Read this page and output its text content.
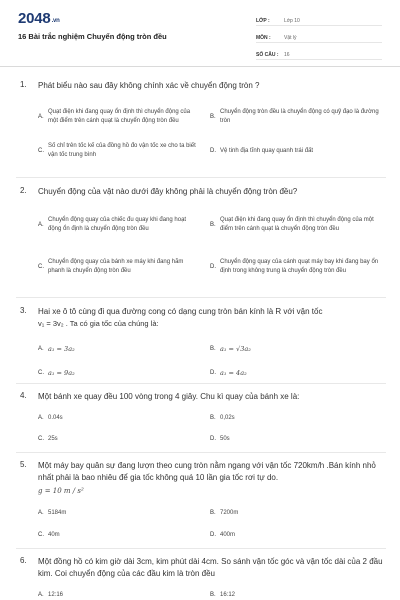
2048.vn
16 Bài trắc nghiệm Chuyển động tròn đều
LỚP :	Lớp 10
MÔN :	Vật lý
SỐ CÂU :	16
1. Phát biểu nào sau đây không chính xác về chuyển động tròn ?
A.
Quạt điện khi đang quay ổn định thì chuyển động của một điểm trên cánh quạt là chuyển động tròn đều
B.
Chuyển động tròn đều là chuyển động có quỹ đạo là đường tròn
C.
Số chỉ trên tốc kế của đồng hồ đo vận tốc xe cho ta biết vận tốc trung bình
D. Vệ tinh địa tĩnh quay quanh trái đất
2. Chuyển động của vật nào dưới đây không phải là chuyển động tròn đều?
A.
Chuyển động quay của chiếc đu quay khi đang hoạt động ổn định là chuyển động tròn đều
B.
Quạt điện khi đang quay ổn định thì chuyển động của một điểm trên cánh quạt là chuyển động tròn đều
C.
Chuyển động quay của bánh xe máy khi đang hãm phanh là chuyển động tròn đều
D.
Chuyển động quay của cánh quạt máy bay khi đang bay ổn định trong không trung là chuyển động tròn đều
3. Hai xe ô tô cùng đi qua đường cong có dạng cung tròn bán kính là R với vận tốc
v₁ = 3v₂ . Ta có gia tốc của chúng là:
A. a₁ = 3a₂	B. a₁ = √3a₂
C. a₁ = 9a₂	D. a₁ = 4a₂
4. Một bánh xe quay đều 100 vòng trong 4 giây. Chu kì quay của bánh xe là:
A. 0.04s	B. 0,02s
C. 25s	D. 50s
5. Một máy bay quân sự đang lượn theo cung tròn nằm ngang với vận tốc 720km/h .Bán kính nhỏ nhất phải là bao nhiêu để gia tốc không quá 10 lần gia tốc rơi tự do.
g = 10 m / s²
A. 5184m	B. 7200m
C. 40m	D. 400m
6. Một đồng hồ có kim giờ dài 3cm, kim phút dài 4cm. So sánh vận tốc góc và vận tốc dài của 2 đầu kim. Coi chuyển động của các đầu kim là tròn đều
A. 12:16	B. 16:12
